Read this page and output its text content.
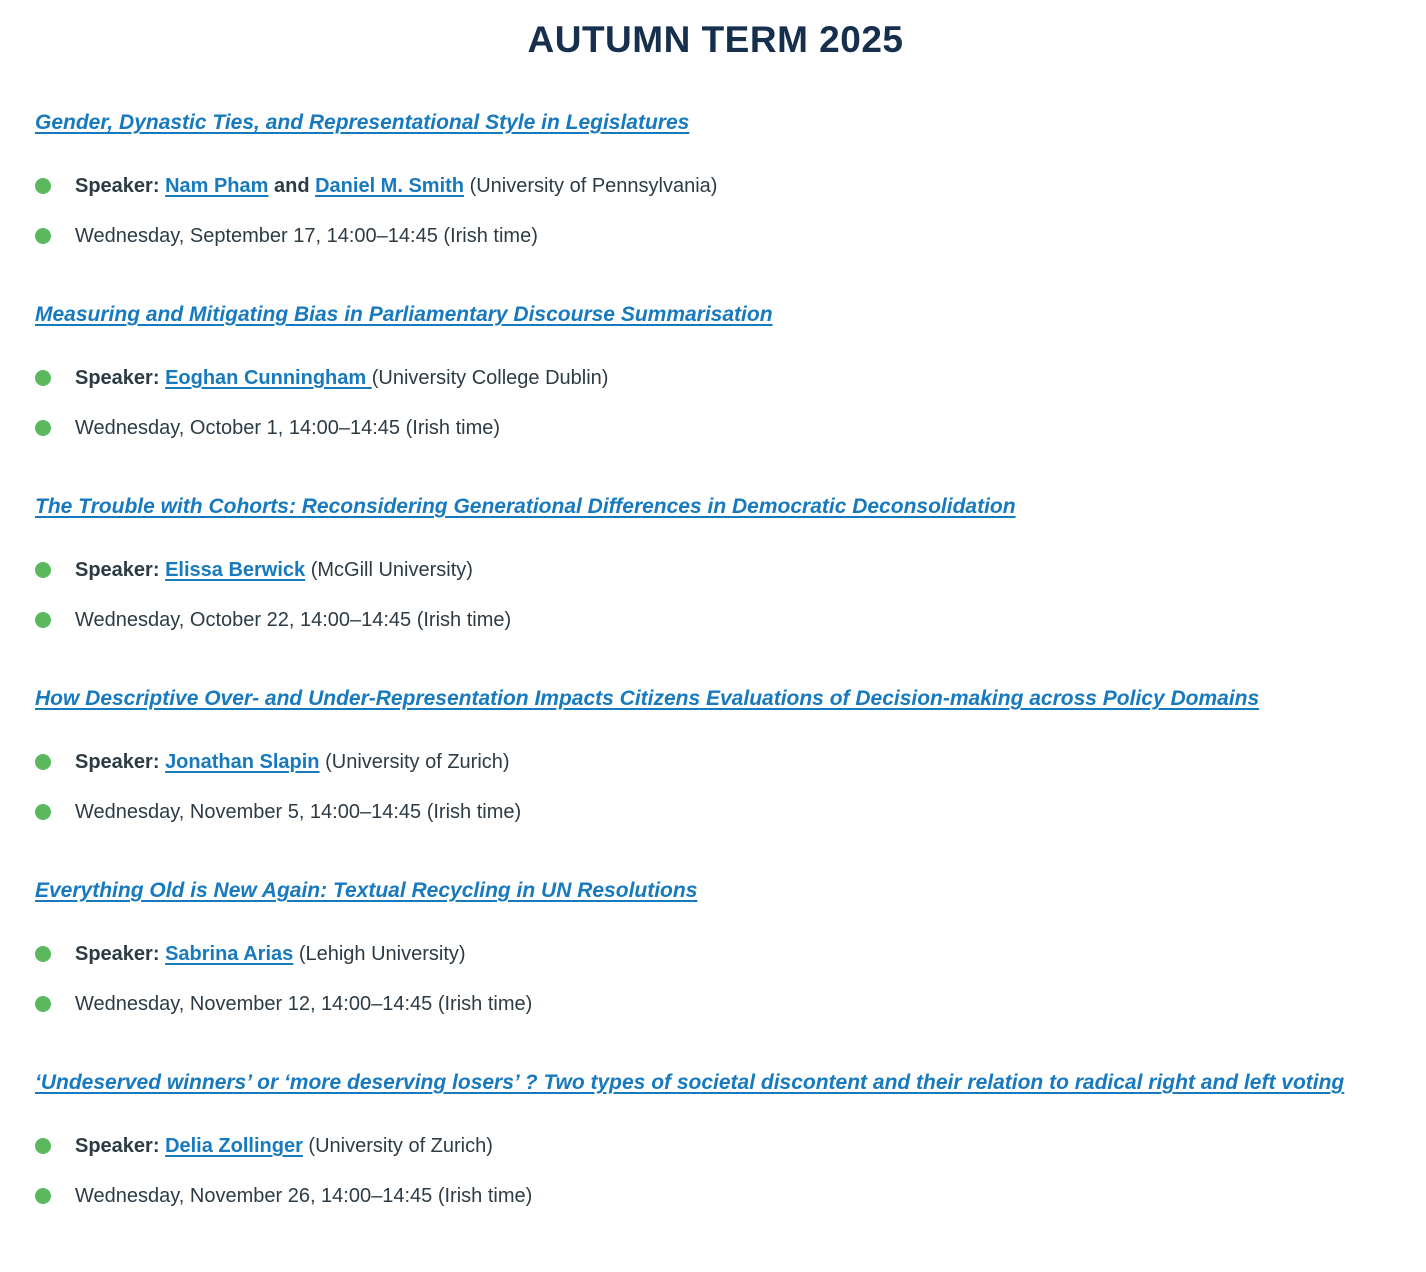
AUTUMN TERM 2025

Gender, Dynastic Ties, and Representational Style in Legislatures

Speaker: Nam Pham and Daniel M. Smith (University of Pennsylvania)
Wednesday, September 17, 14:00–14:45 (Irish time)

Measuring and Mitigating Bias in Parliamentary Discourse Summarisation

Speaker: Eoghan Cunningham (University College Dublin)
Wednesday, October 1, 14:00–14:45 (Irish time)

The Trouble with Cohorts: Reconsidering Generational Differences in Democratic Deconsolidation

Speaker: Elissa Berwick (McGill University)
Wednesday, October 22, 14:00–14:45 (Irish time)

How Descriptive Over- and Under-Representation Impacts Citizens Evaluations of Decision-making across Policy Domains

Speaker: Jonathan Slapin (University of Zurich)
Wednesday, November 5, 14:00–14:45 (Irish time)

Everything Old is New Again: Textual Recycling in UN Resolutions

Speaker: Sabrina Arias (Lehigh University)
Wednesday, November 12, 14:00–14:45 (Irish time)

‘Undeserved winners’ or ‘more deserving losers’ ? Two types of societal discontent and their relation to radical right and left voting

Speaker: Delia Zollinger (University of Zurich)
Wednesday, November 26, 14:00–14:45 (Irish time)
